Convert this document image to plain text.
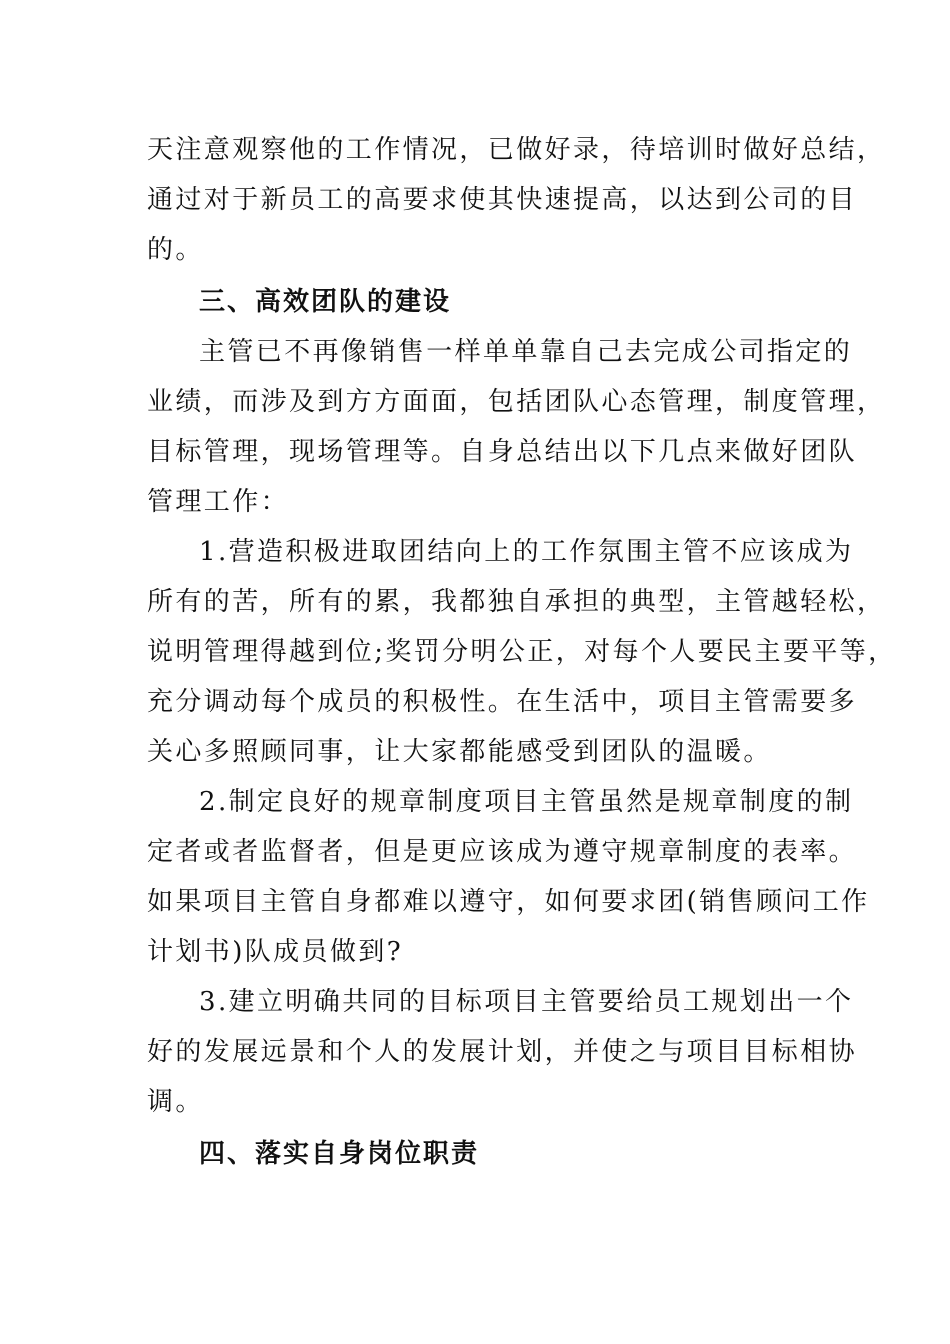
天注意观察他的工作情况，已做好录，待培训时做好总结，
通过对于新员工的高要求使其快速提高，以达到公司的目
的。
三、高效团队的建设
主管已不再像销售一样单单靠自己去完成公司指定的
业绩，而涉及到方方面面，包括团队心态管理，制度管理，
目标管理，现场管理等。自身总结出以下几点来做好团队
管理工作：
1.营造积极进取团结向上的工作氛围主管不应该成为
所有的苦，所有的累，我都独自承担的典型，主管越轻松，
说明管理得越到位;奖罚分明公正，对每个人要民主要平等，
充分调动每个成员的积极性。在生活中，项目主管需要多
关心多照顾同事，让大家都能感受到团队的温暖。
2.制定良好的规章制度项目主管虽然是规章制度的制
定者或者监督者，但是更应该成为遵守规章制度的表率。
如果项目主管自身都难以遵守，如何要求团(销售顾问工作
计划书)队成员做到?
3.建立明确共同的目标项目主管要给员工规划出一个
好的发展远景和个人的发展计划，并使之与项目目标相协
调。
四、落实自身岗位职责
